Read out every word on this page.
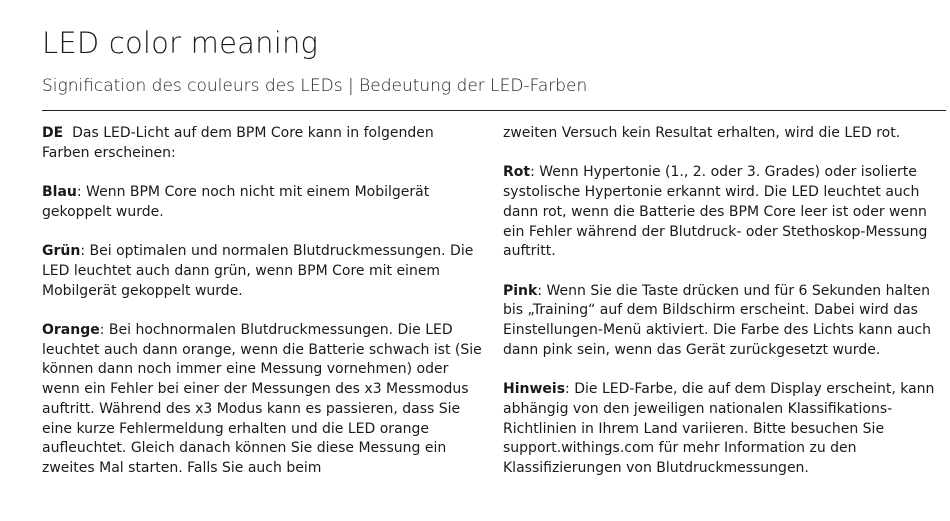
LED color meaning
Signification des couleurs des LEDs | Bedeutung der LED-Farben

DE Das LED-Licht auf dem BPM Core kann in folgenden Farben erscheinen:

Blau: Wenn BPM Core noch nicht mit einem Mobilgerät gekoppelt wurde.

Grün: Bei optimalen und normalen Blutdruckmessungen. Die LED leuchtet auch dann grün, wenn BPM Core mit einem Mobilgerät gekoppelt wurde.

Orange: Bei hochnormalen Blutdruckmessungen. Die LED leuchtet auch dann orange, wenn die Batterie schwach ist (Sie können dann noch immer eine Messung vornehmen) oder wenn ein Fehler bei einer der Messungen des x3 Messmodus auftritt. Während des x3 Modus kann es passieren, dass Sie eine kurze Fehlermeldung erhalten und die LED orange aufleuchtet. Gleich danach können Sie diese Messung ein zweites Mal starten. Falls Sie auch beim

zweiten Versuch kein Resultat erhalten, wird die LED rot.

Rot: Wenn Hypertonie (1., 2. oder 3. Grades) oder isolierte systolische Hypertonie erkannt wird. Die LED leuchtet auch dann rot, wenn die Batterie des BPM Core leer ist oder wenn ein Fehler während der Blutdruck- oder Stethoskop-Messung auftritt.

Pink: Wenn Sie die Taste drücken und für 6 Sekunden halten bis „Training“ auf dem Bildschirm erscheint. Dabei wird das Einstellungen-Menü aktiviert. Die Farbe des Lichts kann auch dann pink sein, wenn das Gerät zurückgesetzt wurde.

Hinweis: Die LED-Farbe, die auf dem Display erscheint, kann abhängig von den jeweiligen nationalen Klassifikations-Richtlinien in Ihrem Land variieren. Bitte besuchen Sie support.withings.com für mehr Information zu den Klassifizierungen von Blutdruckmessungen.
